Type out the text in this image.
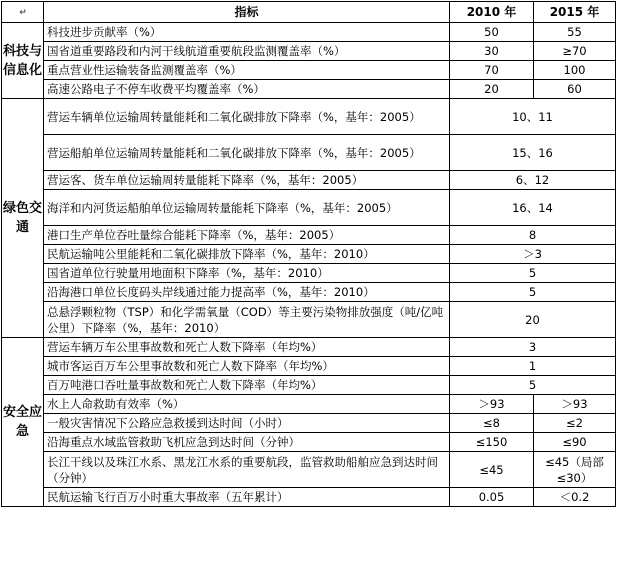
↵	指标	2010 年	2015 年
科技与信息化	科技进步贡献率（%）	50	55
	国省道重要路段和内河干线航道重要航段监测覆盖率（%）	30	≥70
	重点营业性运输装备监测覆盖率（%）	70	100
	高速公路电子不停车收费平均覆盖率（%）	20	60
绿色交通	营运车辆单位运输周转量能耗和二氧化碳排放下降率（%，基年：2005）	10、11	
	营运船舶单位运输周转量能耗和二氧化碳排放下降率（%，基年：2005）	15、16	
	营运客、货车单位运输周转量能耗下降率（%，基年：2005）	6、12	
	海洋和内河货运船舶单位运输周转量能耗下降率（%，基年：2005）	16、14	
	港口生产单位吞吐量综合能耗下降率（%，基年：2005）	8	
	民航运输吨公里能耗和二氧化碳排放下降率（%，基年：2010）	＞3	
	国省道单位行驶量用地面积下降率（%，基年：2010）	5	
	沿海港口单位长度码头岸线通过能力提高率（%，基年：2010）	5	
	总悬浮颗粒物（TSP）和化学需氧量（COD）等主要污染物排放强度（吨/亿吨公里）下降率（%，基年：2010）	20	
安全应急	营运车辆万车公里事故数和死亡人数下降率（年均%）	3	
	城市客运百万车公里事故数和死亡人数下降率（年均%）	1	
	百万吨港口吞吐量事故数和死亡人数下降率（年均%）	5	
	水上人命救助有效率（%）	＞93	＞93
	一般灾害情况下公路应急救援到达时间（小时）	≤8	≤2
	沿海重点水域监管救助飞机应急到达时间（分钟）	≤150	≤90
	长江干线以及珠江水系、黑龙江水系的重要航段，监管救助船舶应急到达时间（分钟）	≤45	≤45（局部≤30）
	民航运输飞行百万小时重大事故率（五年累计）	0.05	＜0.2
